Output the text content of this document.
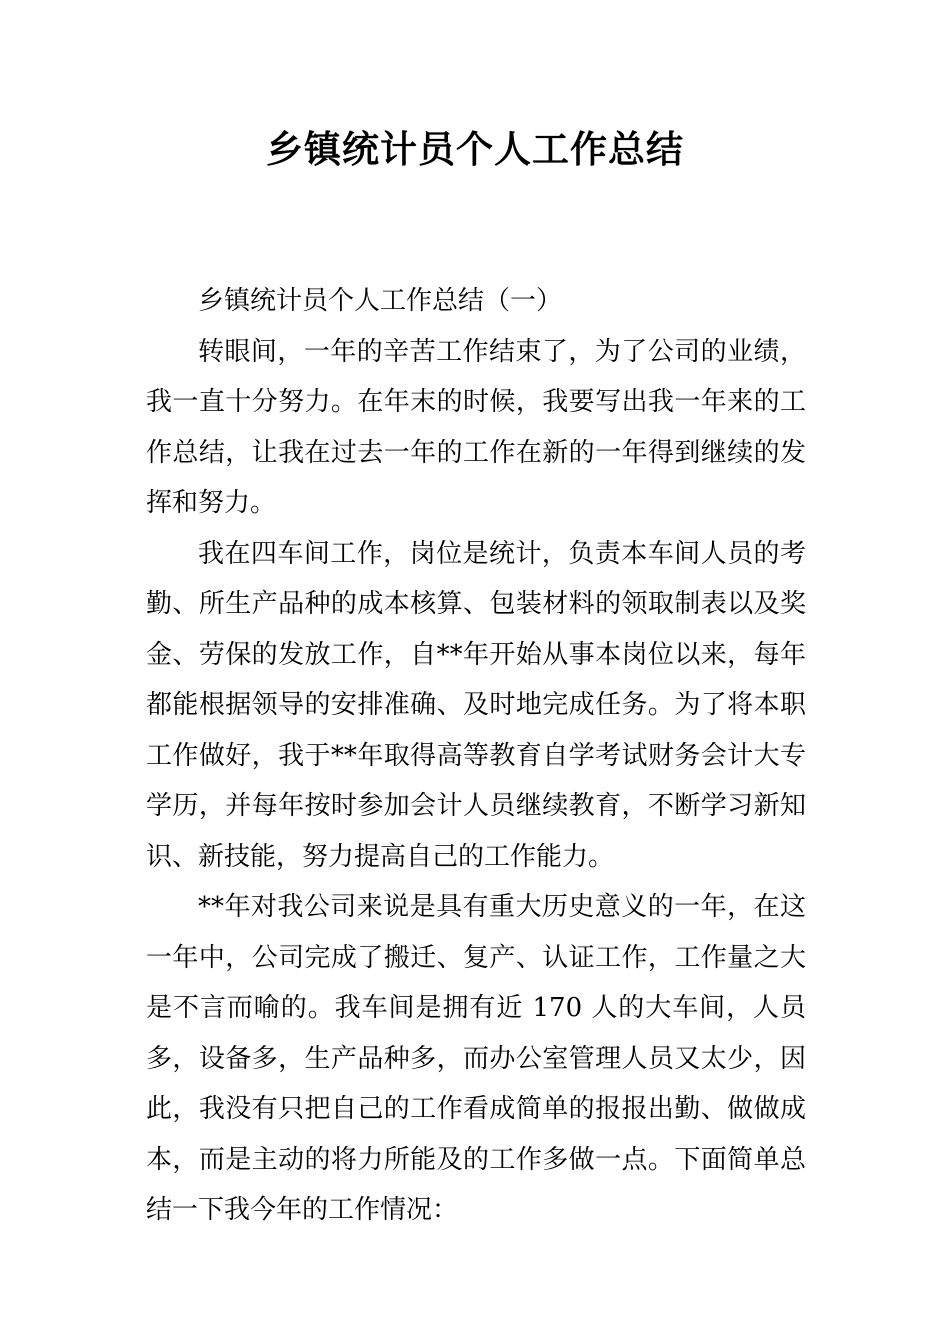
乡镇统计员个人工作总结

乡镇统计员个人工作总结（一）

转眼间，一年的辛苦工作结束了，为了公司的业绩，我一直十分努力。在年末的时候，我要写出我一年来的工作总结，让我在过去一年的工作在新的一年得到继续的发挥和努力。

我在四车间工作，岗位是统计，负责本车间人员的考勤、所生产品种的成本核算、包装材料的领取制表以及奖金、劳保的发放工作，自**年开始从事本岗位以来，每年都能根据领导的安排准确、及时地完成任务。为了将本职工作做好，我于**年取得高等教育自学考试财务会计大专学历，并每年按时参加会计人员继续教育，不断学习新知识、新技能，努力提高自己的工作能力。

**年对我公司来说是具有重大历史意义的一年，在这一年中，公司完成了搬迁、复产、认证工作，工作量之大是不言而喻的。我车间是拥有近 170 人的大车间，人员多，设备多，生产品种多，而办公室管理人员又太少，因此，我没有只把自己的工作看成简单的报报出勤、做做成本，而是主动的将力所能及的工作多做一点。下面简单总结一下我今年的工作情况：
